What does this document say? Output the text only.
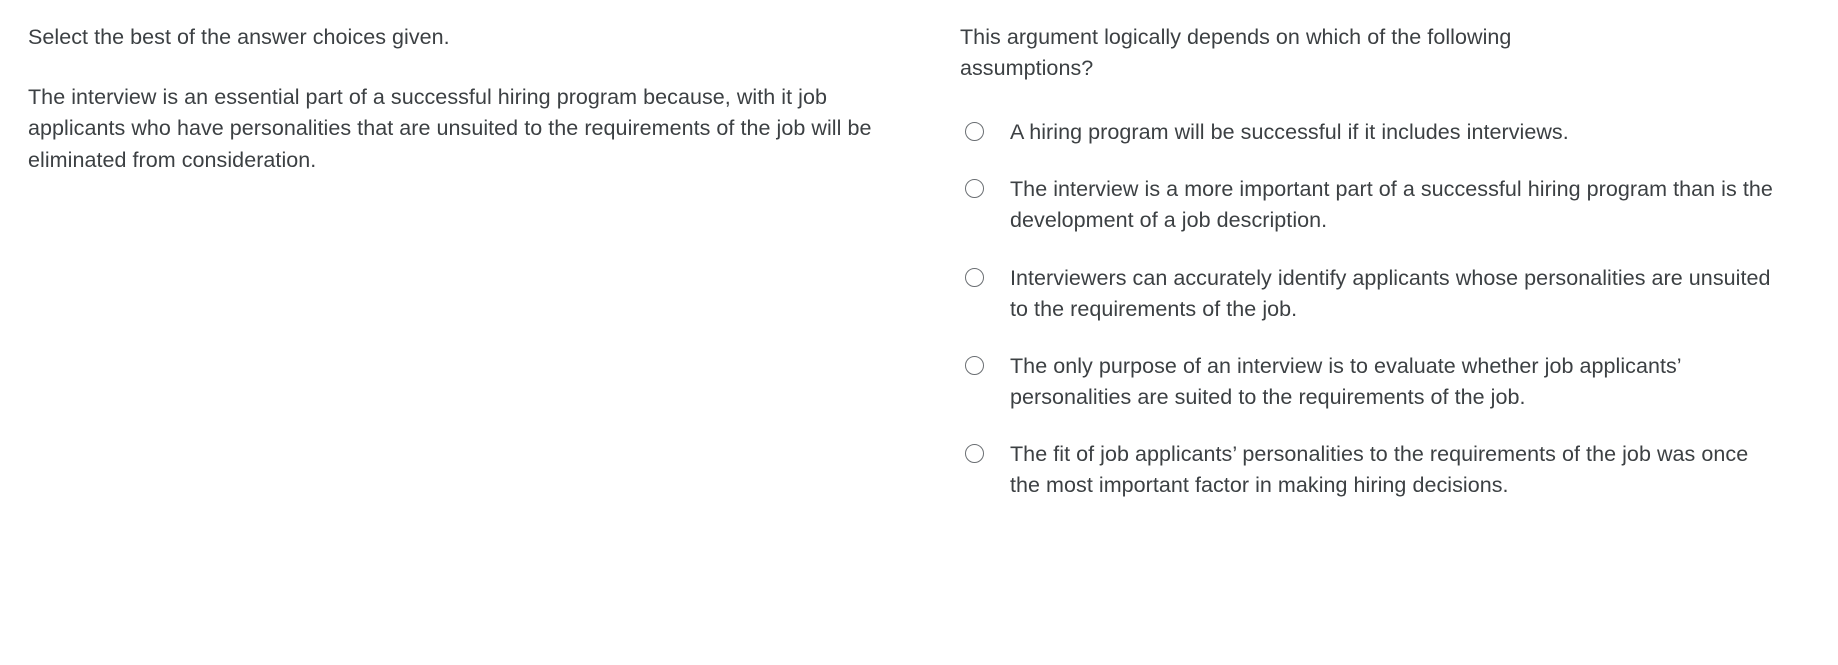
Select the best of the answer choices given.

The interview is an essential part of a successful hiring program because, with it job applicants who have personalities that are unsuited to the requirements of the job will be eliminated from consideration.

This argument logically depends on which of the following assumptions?

A hiring program will be successful if it includes interviews.
The interview is a more important part of a successful hiring program than is the development of a job description.
Interviewers can accurately identify applicants whose personalities are unsuited to the requirements of the job.
The only purpose of an interview is to evaluate whether job applicants’ personalities are suited to the requirements of the job.
The fit of job applicants’ personalities to the requirements of the job was once the most important factor in making hiring decisions.
